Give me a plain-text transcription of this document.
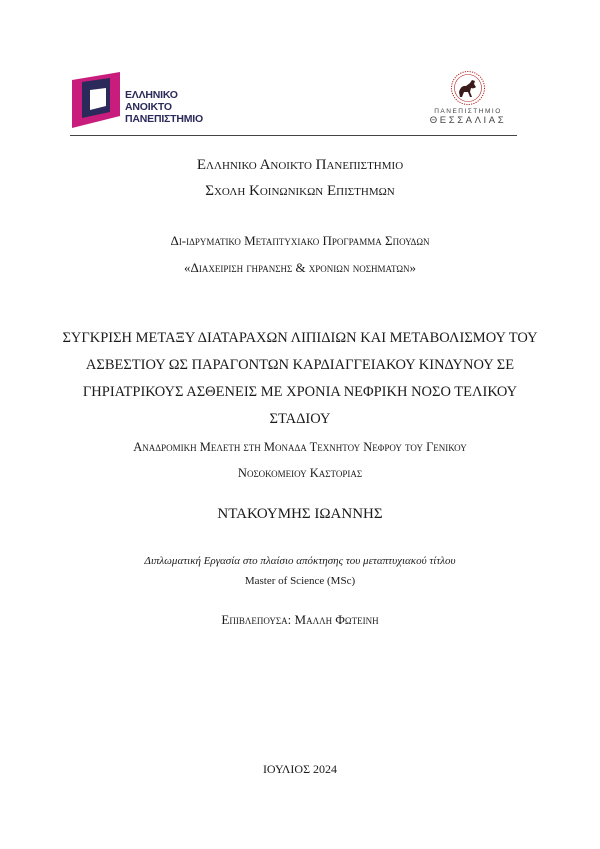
ΕΛΛΗΝΙΚΟ
ΑΝΟΙΚΤΟ
ΠΑΝΕΠΙΣΤΗΜΙΟ
ΠΑΝΕΠΙΣΤΗΜΙΟ
ΘΕΣΣΑΛΙΑΣ
Ελληνικο Ανοικτο Πανεπιστημιο
Σχολη Κοινωνικων Επιστημων
Δι-ιδρυματικο Μεταπτυχιακο Προγραμμα Σπουδων
«Διαχειριση γηρανσης & χρονιων νοσηματων»
ΣΥΓΚΡΙΣΗ ΜΕΤΑΞΥ ΔΙΑΤΑΡΑΧΩΝ ΛΙΠΙΔΙΩΝ ΚΑΙ ΜΕΤΑΒΟΛΙΣΜΟΥ ΤΟΥ
ΑΣΒΕΣΤΙΟΥ ΩΣ ΠΑΡΑΓΟΝΤΩΝ ΚΑΡΔΙΑΓΓΕΙΑΚΟΥ ΚΙΝΔΥΝΟΥ ΣΕ
ΓΗΡΙΑΤΡΙΚΟΥΣ ΑΣΘΕΝΕΙΣ ΜΕ ΧΡΟΝΙΑ ΝΕΦΡΙΚΗ ΝΟΣΟ ΤΕΛΙΚΟΥ
ΣΤΑΔΙΟΥ
Αναδρομικη Μελετη στη Μοναδα Τεχνητου Νεφρου του Γενικου
Νοσοκομειου Καστοριας
ΝΤΑΚΟΥΜΗΣ ΙΩΑΝΝΗΣ
Διπλωματική Εργασία στο πλαίσιο απόκτησης του μεταπτυχιακού τίτλου
Master of Science (MSc)
Επιβλεπουσα: Μαλλη Φωτεινη
ΙΟΥΛΙΟΣ 2024
